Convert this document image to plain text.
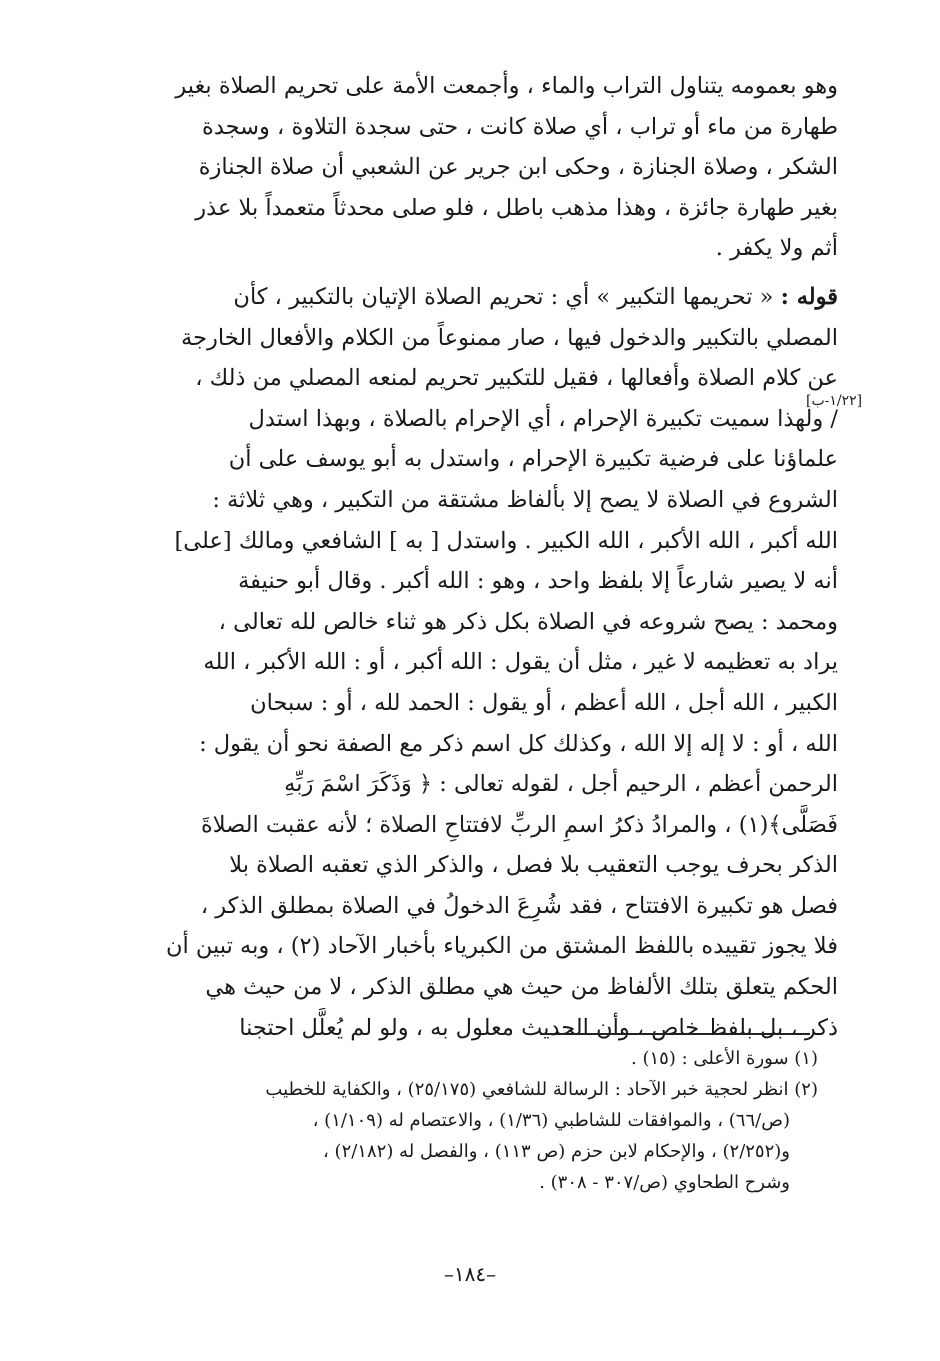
وهو بعمومه يتناول التراب والماء ، وأجمعت الأمة على تحريم الصلاة بغير
طهارة من ماء أو تراب ، أي صلاة كانت ، حتى سجدة التلاوة ، وسجدة
الشكر ، وصلاة الجنازة ، وحكى ابن جرير عن الشعبي أن صلاة الجنازة
بغير طهارة جائزة ، وهذا مذهب باطل ، فلو صلى محدثاً متعمداً بلا عذر
أثم ولا يكفر .
قوله : « تحريمها التكبير » أي : تحريم الصلاة الإتيان بالتكبير ، كأن
المصلي بالتكبير والدخول فيها ، صار ممنوعاً من الكلام والأفعال الخارجة
عن كلام الصلاة وأفعالها ، فقيل للتكبير تحريم لمنعه المصلي من ذلك ،
/ ولهذا سميت تكبيرة الإحرام ، أي الإحرام بالصلاة ، وبهذا استدل
علماؤنا على فرضية تكبيرة الإحرام ، واستدل به أبو يوسف على أن
الشروع في الصلاة لا يصح إلا بألفاظ مشتقة من التكبير ، وهي ثلاثة :
الله أكبر ، الله الأكبر ، الله الكبير . واستدل [ به ] الشافعي ومالك [على]
أنه لا يصير شارعاً إلا بلفظ واحد ، وهو : الله أكبر . وقال أبو حنيفة
ومحمد : يصح شروعه في الصلاة بكل ذكر هو ثناء خالص لله تعالى ،
يراد به تعظيمه لا غير ، مثل أن يقول : الله أكبر ، أو : الله الأكبر ، الله
الكبير ، الله أجل ، الله أعظم ، أو يقول : الحمد لله ، أو : سبحان
الله ، أو : لا إله إلا الله ، وكذلك كل اسم ذكر مع الصفة نحو أن يقول :
الرحمن أعظم ، الرحيم أجل ، لقوله تعالى : ﴿ وَذَكَرَ اسْمَ رَبِّهِ
فَصَلَّى﴾(١) ، والمرادُ ذكرُ اسمِ الربِّ لافتتاحِ الصلاة ؛ لأنه عقبت الصلاةَ
الذكر بحرف يوجب التعقيب بلا فصل ، والذكر الذي تعقبه الصلاة بلا
فصل هو تكبيرة الافتتاح ، فقد شُرِعَ الدخولُ في الصلاة بمطلق الذكر ،
فلا يجوز تقييده باللفظ المشتق من الكبرياء بأخبار الآحاد (٢) ، وبه تبين أن
الحكم يتعلق بتلك الألفاظ من حيث هي مطلق الذكر ، لا من حيث هي
ذكر ، بل بلفظ خاص ، وأن الحديث معلول به ، ولو لم يُعلَّل احتجنا
[١/٢٢-ب]
(١) سورة الأعلى : (١٥) .
(٢) انظر لحجية خبر الآحاد : الرسالة للشافعي (٢٥/١٧٥) ، والكفاية للخطيب
(ص/٦٦) ، والموافقات للشاطبي (١/٣٦) ، والاعتصام له (١/١٠٩) ،
و(٢/٢٥٢) ، والإحكام لابن حزم (ص ١١٣) ، والفصل له (٢/١٨٢) ،
وشرح الطحاوي (ص/٣٠٧ - ٣٠٨) .
–١٨٤–
